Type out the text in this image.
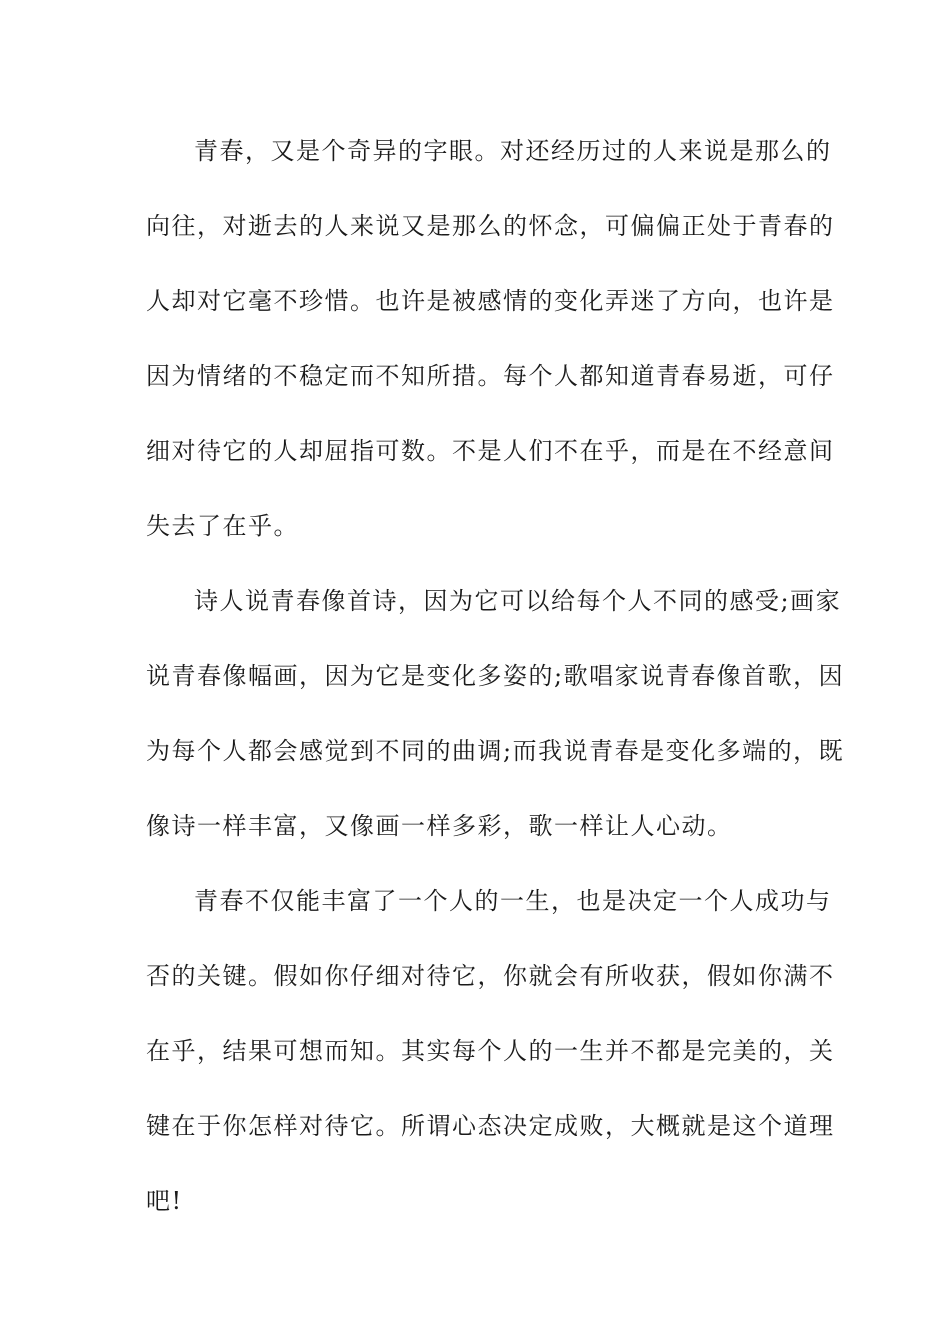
青春，又是个奇异的字眼。对还经历过的人来说是那么的
向往，对逝去的人来说又是那么的怀念，可偏偏正处于青春的
人却对它毫不珍惜。也许是被感情的变化弄迷了方向，也许是
因为情绪的不稳定而不知所措。每个人都知道青春易逝，可仔
细对待它的人却屈指可数。不是人们不在乎，而是在不经意间
失去了在乎。
诗人说青春像首诗，因为它可以给每个人不同的感受;画家
说青春像幅画，因为它是变化多姿的;歌唱家说青春像首歌，因
为每个人都会感觉到不同的曲调;而我说青春是变化多端的，既
像诗一样丰富，又像画一样多彩，歌一样让人心动。
青春不仅能丰富了一个人的一生，也是决定一个人成功与
否的关键。假如你仔细对待它，你就会有所收获，假如你满不
在乎，结果可想而知。其实每个人的一生并不都是完美的，关
键在于你怎样对待它。所谓心态决定成败，大概就是这个道理
吧!
